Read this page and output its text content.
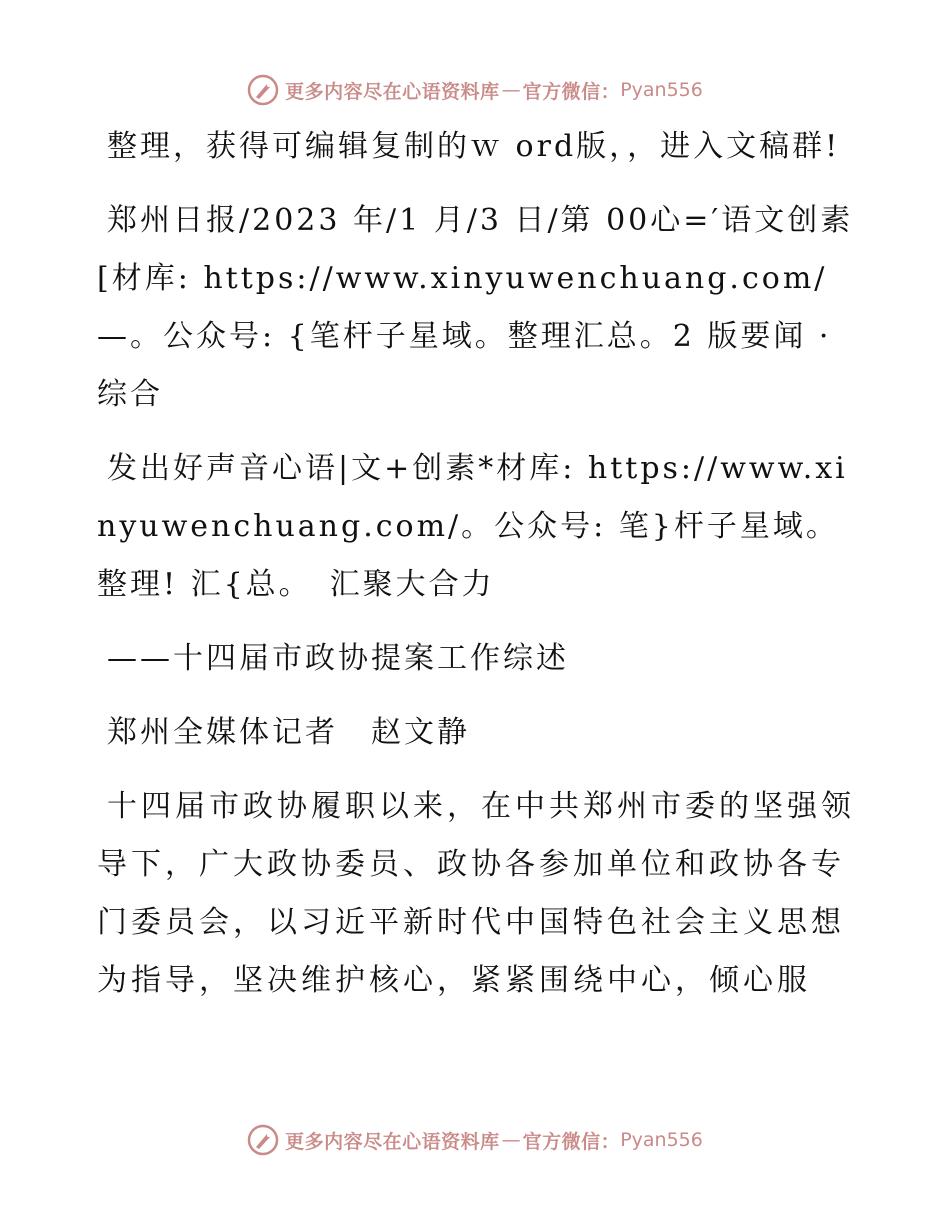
更多内容尽在心语资料库 — 官方微信： Pyan556

整理，获得可编辑复制的ｗ ord版，，进入文稿群!

郑州日报/2023 年/1 月/3 日/第 00心=′语文创素[材库: https://www.xinyuwenchuang.com/—。公众号: {笔杆子星域。整理汇总。2 版要闻 · 综合

发出好声音心语|文+创素*材库: https://www.xinyuwenchuang.com/。公众号: 笔}杆子星域。整理! 汇{总。　汇聚大合力

——十四届市政协提案工作综述

郑州全媒体记者　赵文静

十四届市政协履职以来，在中共郑州市委的坚强领导下，广大政协委员、政协各参加单位和政协各专门委员会，以习近平新时代中国特色社会主义思想为指导，坚决维护核心，紧紧围绕中心，倾心服

更多内容尽在心语资料库 — 官方微信： Pyan556
